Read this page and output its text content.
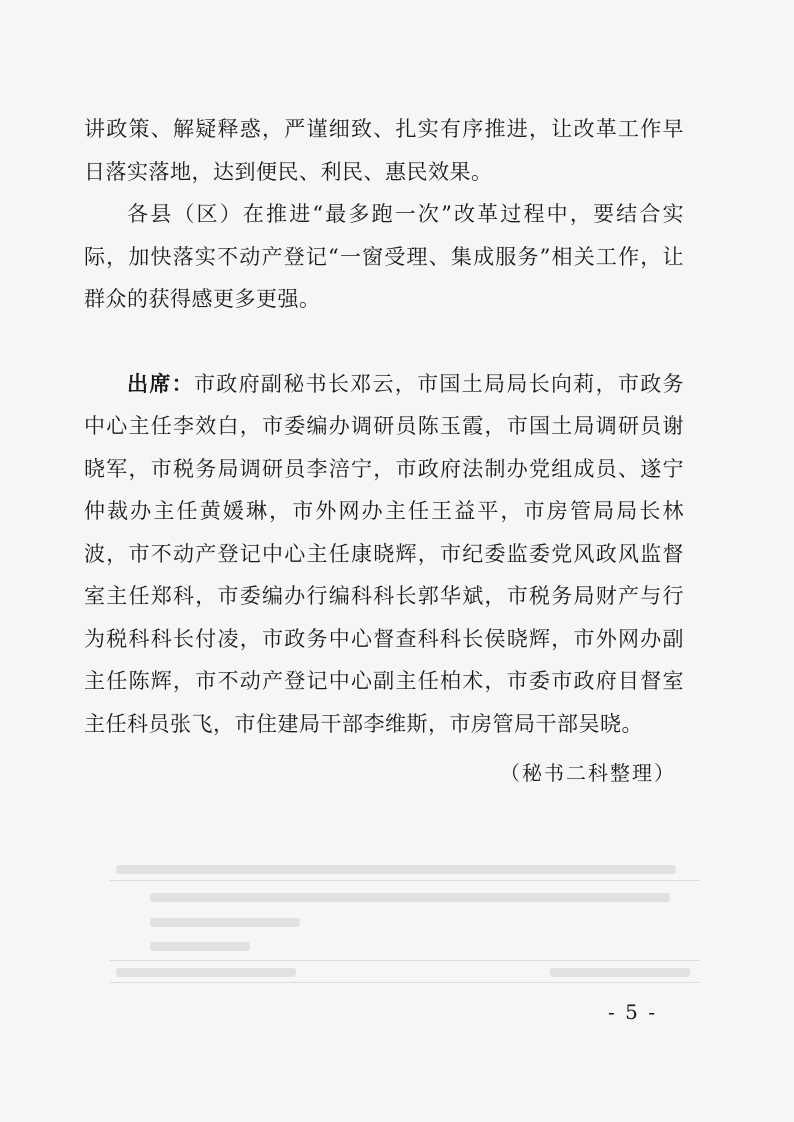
讲政策、解疑释惑，严谨细致、扎实有序推进，让改革工作早日落实落地，达到便民、利民、惠民效果。

各县（区）在推进“最多跑一次”改革过程中，要结合实际，加快落实不动产登记“一窗受理、集成服务”相关工作，让群众的获得感更多更强。

出席：市政府副秘书长邓云，市国土局局长向莉，市政务中心主任李效白，市委编办调研员陈玉霞，市国土局调研员谢晓军，市税务局调研员李涪宁，市政府法制办党组成员、遂宁仲裁办主任黄媛琳，市外网办主任王益平，市房管局局长林波，市不动产登记中心主任康晓辉，市纪委监委党风政风监督室主任郑科，市委编办行编科科长郭华斌，市税务局财产与行为税科科长付凌，市政务中心督查科科长侯晓辉，市外网办副主任陈辉，市不动产登记中心副主任柏术，市委市政府目督室主任科员张飞，市住建局干部李维斯，市房管局干部吴晓。

（秘书二科整理）
- 5 -
